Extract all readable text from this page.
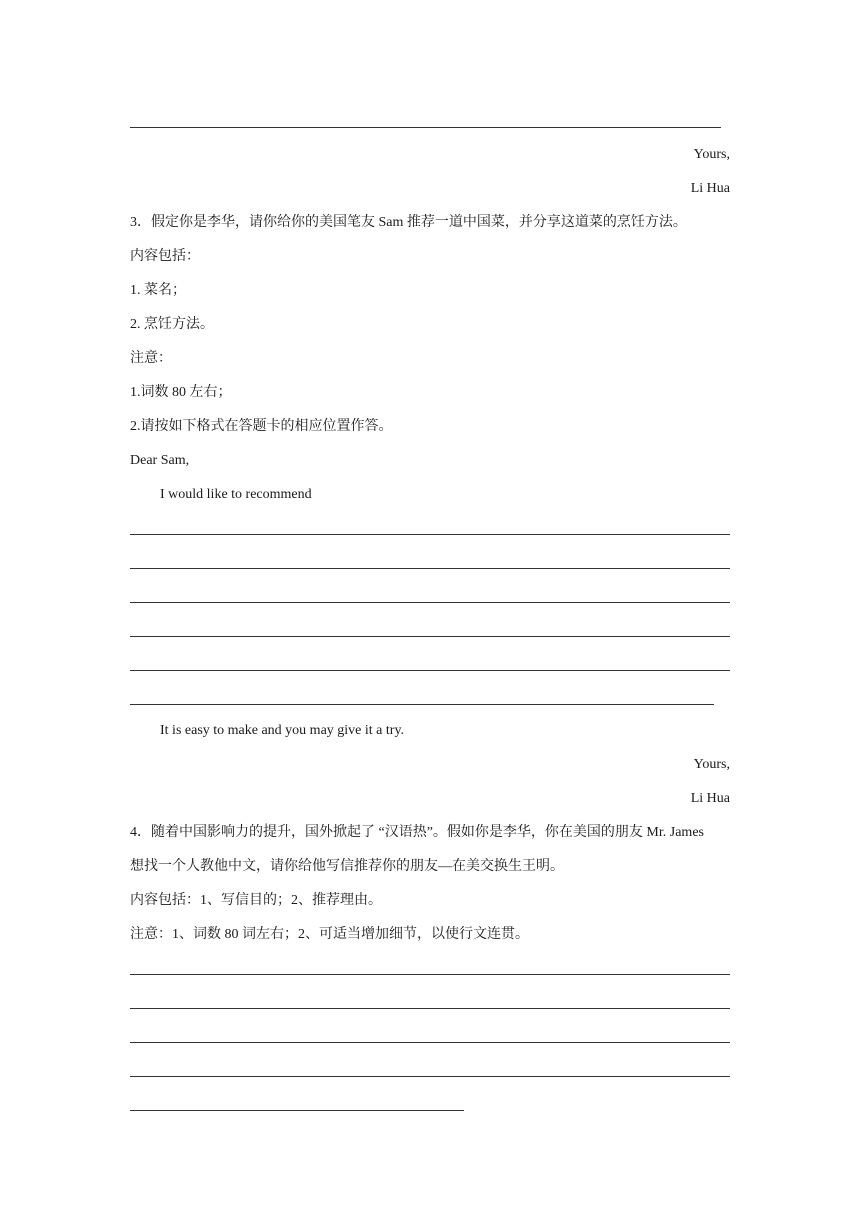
Yours,
Li Hua
3．假定你是李华，请你给你的美国笔友 Sam 推荐一道中国菜，并分享这道菜的烹饪方法。
内容包括：
1. 菜名；
2. 烹饪方法。
注意：
1.词数 80 左右；
2.请按如下格式在答题卡的相应位置作答。
Dear Sam,
I would like to recommend
It is easy to make and you may give it a try.
Yours,
Li Hua
4．随着中国影响力的提升，国外掀起了 “汉语热”。假如你是李华，你在美国的朋友 Mr. James
想找一个人教他中文，请你给他写信推荐你的朋友—在美交换生王明。
内容包括：1、写信目的；2、推荐理由。
注意：1、词数 80 词左右；2、可适当增加细节，以使行文连贯。
